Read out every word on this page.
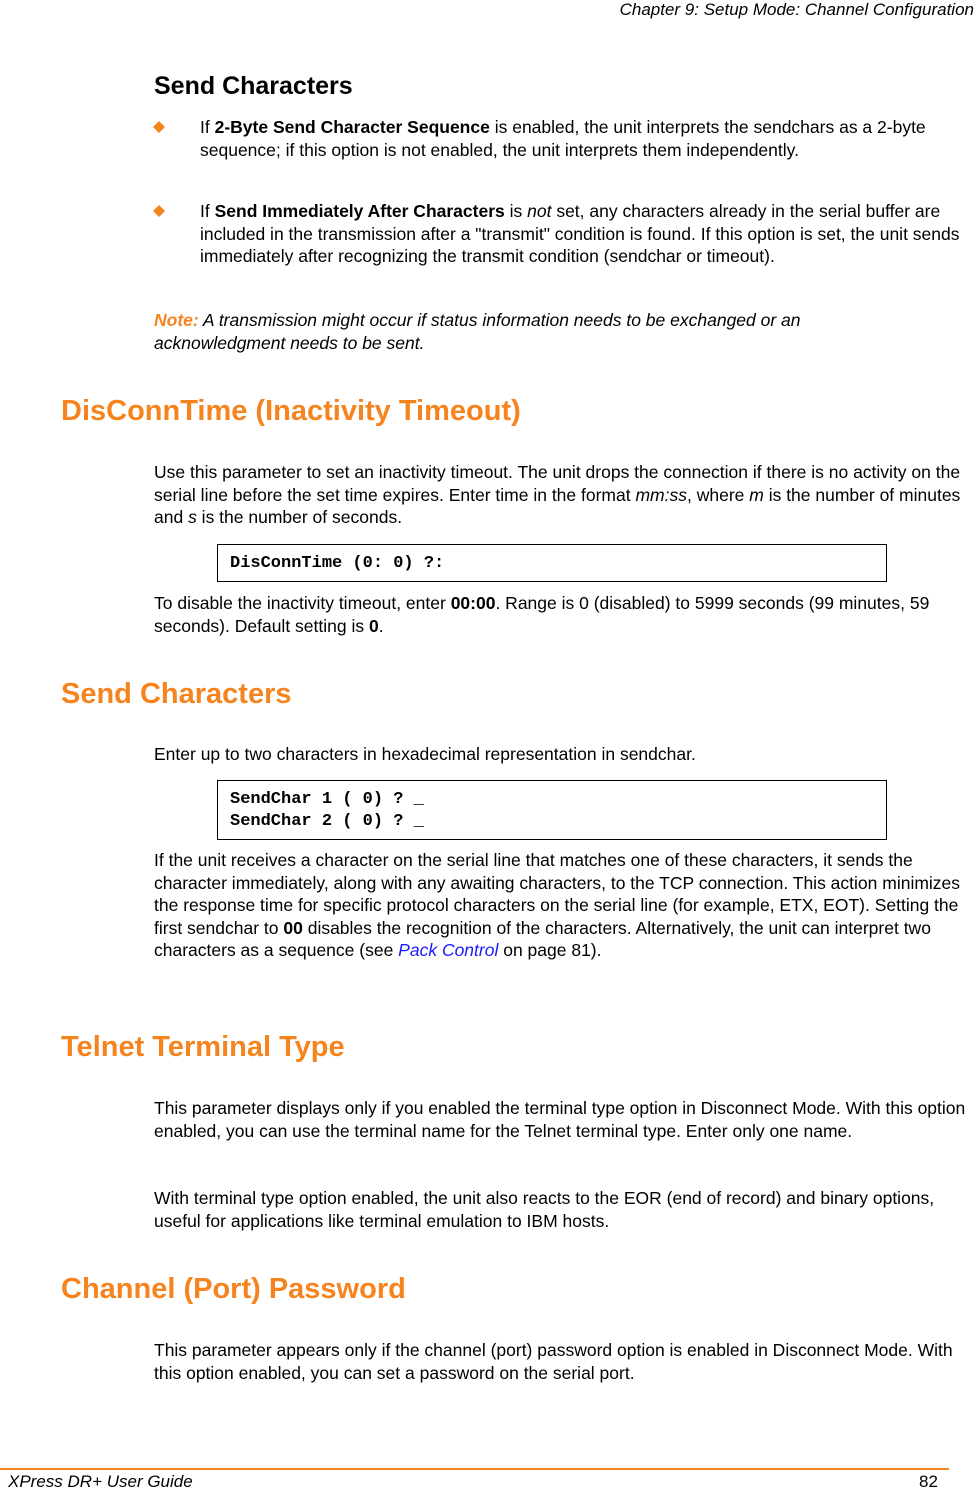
Chapter 9: Setup Mode: Channel Configuration
Send Characters

If 2-Byte Send Character Sequence is enabled, the unit interprets the sendchars as a 2-byte sequence; if this option is not enabled, the unit interprets them independently.

If Send Immediately After Characters is not set, any characters already in the serial buffer are included in the transmission after a "transmit" condition is found. If this option is set, the unit sends immediately after recognizing the transmit condition (sendchar or timeout).

Note: A transmission might occur if status information needs to be exchanged or an acknowledgment needs to be sent.

DisConnTime (Inactivity Timeout)

Use this parameter to set an inactivity timeout. The unit drops the connection if there is no activity on the serial line before the set time expires. Enter time in the format mm:ss, where m is the number of minutes and s is the number of seconds.

DisConnTime (0: 0) ?:

To disable the inactivity timeout, enter 00:00. Range is 0 (disabled) to 5999 seconds (99 minutes, 59 seconds). Default setting is 0.

Send Characters

Enter up to two characters in hexadecimal representation in sendchar.

SendChar 1 ( 0) ? _
SendChar 2 ( 0) ? _

If the unit receives a character on the serial line that matches one of these characters, it sends the character immediately, along with any awaiting characters, to the TCP connection. This action minimizes the response time for specific protocol characters on the serial line (for example, ETX, EOT). Setting the first sendchar to 00 disables the recognition of the characters. Alternatively, the unit can interpret two characters as a sequence (see Pack Control on page 81).

Telnet Terminal Type

This parameter displays only if you enabled the terminal type option in Disconnect Mode. With this option enabled, you can use the terminal name for the Telnet terminal type. Enter only one name.

With terminal type option enabled, the unit also reacts to the EOR (end of record) and binary options, useful for applications like terminal emulation to IBM hosts.

Channel (Port) Password

This parameter appears only if the channel (port) password option is enabled in Disconnect Mode. With this option enabled, you can set a password on the serial port.

XPress DR+ User Guide	82
